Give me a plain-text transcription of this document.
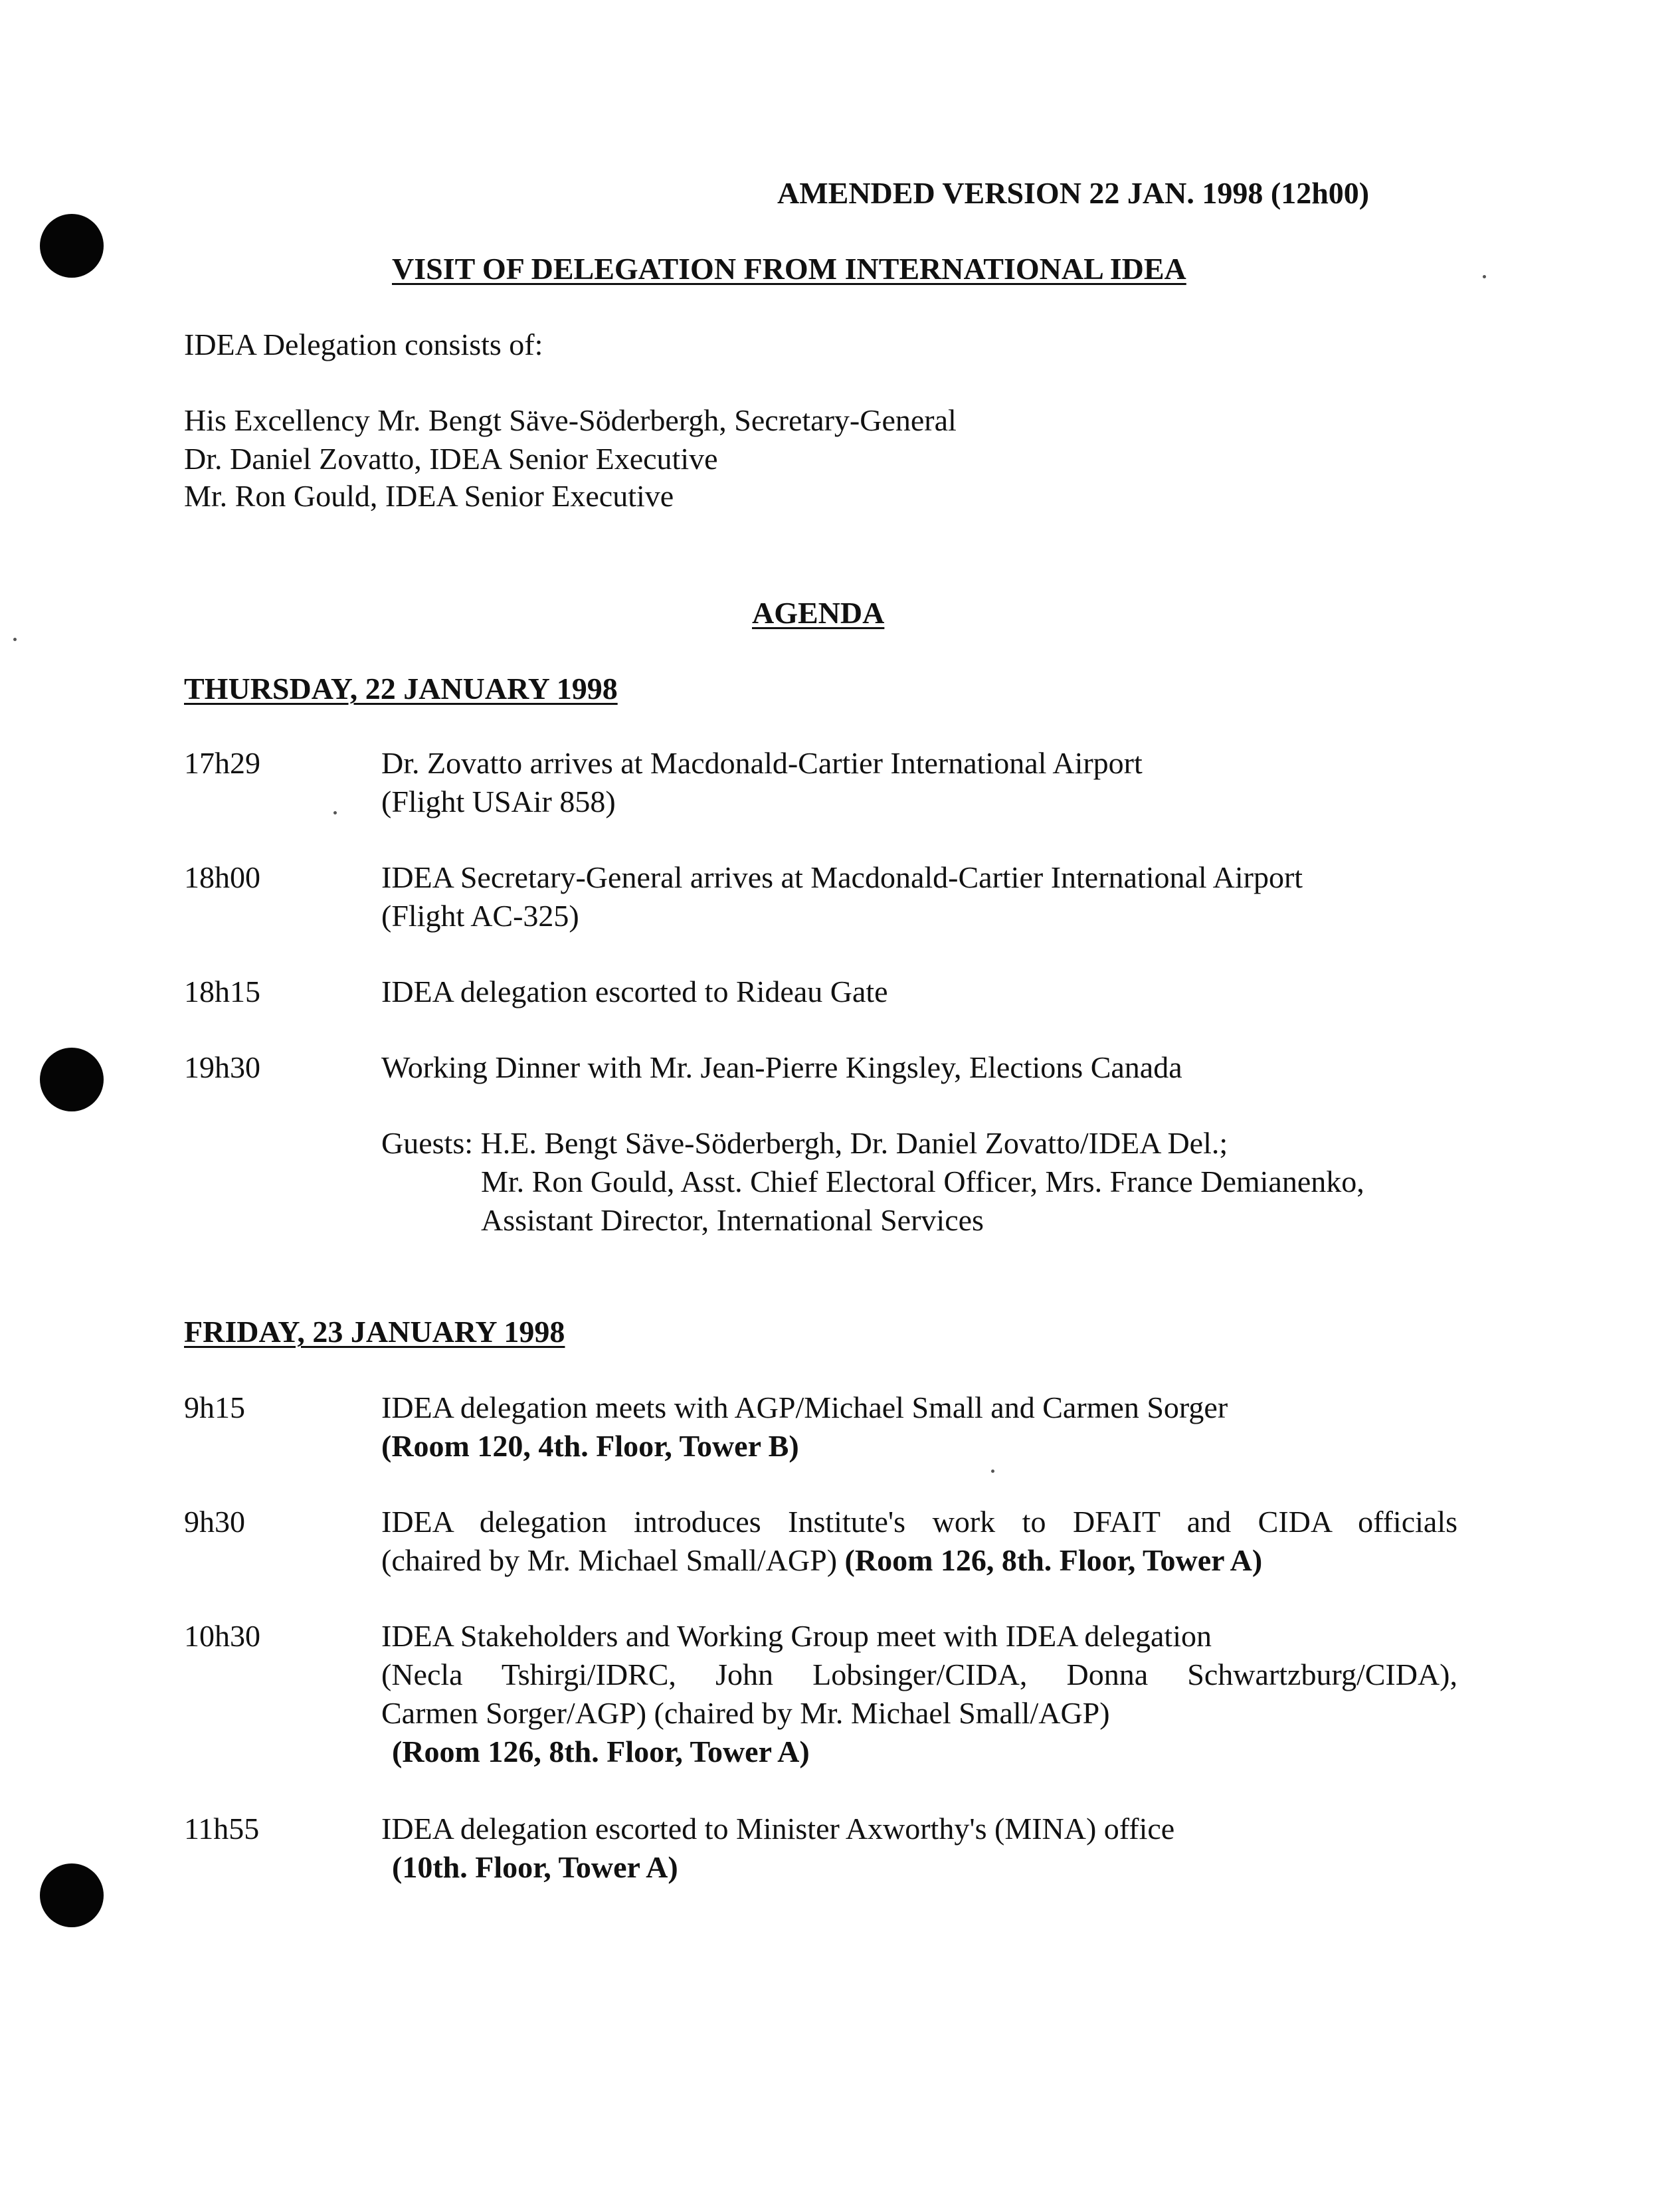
AMENDED VERSION 22 JAN. 1998 (12h00)
VISIT OF DELEGATION FROM INTERNATIONAL IDEA
IDEA Delegation consists of:
His Excellency Mr. Bengt Säve-Söderbergh, Secretary-General
Dr. Daniel Zovatto, IDEA Senior Executive
Mr. Ron Gould, IDEA Senior Executive
AGENDA
THURSDAY, 22 JANUARY 1998
17h29	Dr. Zovatto arrives at Macdonald-Cartier International Airport
(Flight USAir 858)
18h00	IDEA Secretary-General arrives at Macdonald-Cartier International Airport
(Flight AC-325)
18h15	IDEA delegation escorted to Rideau Gate
19h30	Working Dinner with Mr. Jean-Pierre Kingsley, Elections Canada
Guests: H.E. Bengt Säve-Söderbergh, Dr. Daniel Zovatto/IDEA Del.;
Mr. Ron Gould, Asst. Chief Electoral Officer, Mrs. France Demianenko,
Assistant Director, International Services
FRIDAY, 23 JANUARY 1998
9h15	IDEA delegation meets with AGP/Michael Small and Carmen Sorger
(Room 120, 4th. Floor, Tower B)
9h30	IDEA delegation introduces Institute's work to DFAIT and CIDA officials
(chaired by Mr. Michael Small/AGP) (Room 126, 8th. Floor, Tower A)
10h30	IDEA Stakeholders and Working Group meet with IDEA delegation
(Necla Tshirgi/IDRC, John Lobsinger/CIDA, Donna Schwartzburg/CIDA),
Carmen Sorger/AGP) (chaired by Mr. Michael Small/AGP)
(Room 126, 8th. Floor, Tower A)
11h55	IDEA delegation escorted to Minister Axworthy's (MINA) office
(10th. Floor, Tower A)
